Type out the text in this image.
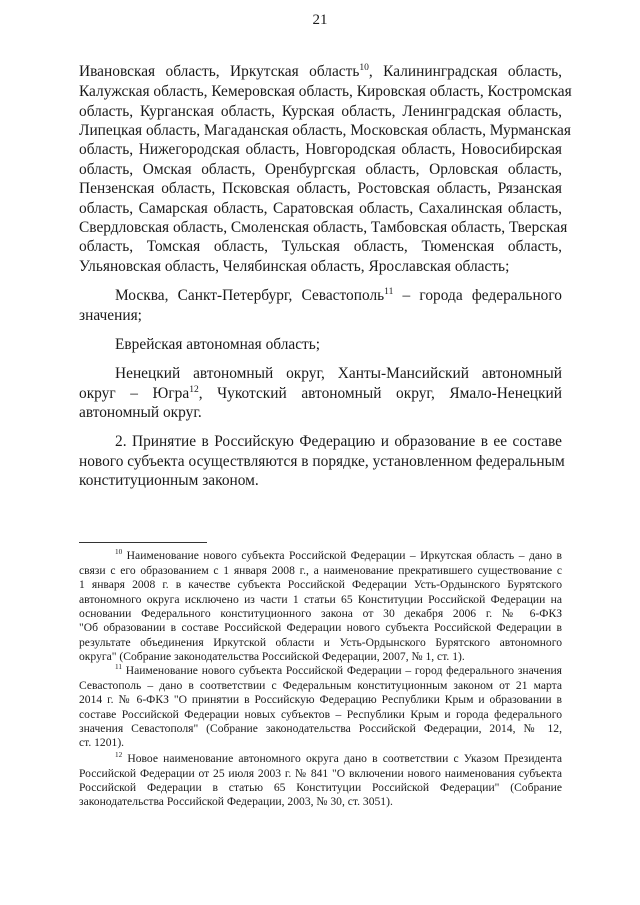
21
Ивановская область, Иркутская область$^{10}$, Калининградская область,
Калужская область, Кемеровская область, Кировская область, Костромская
область, Курганская область, Курская область, Ленинградская область,
Липецкая область, Магаданская область, Московская область, Мурманская
область, Нижегородская область, Новгородская область, Новосибирская
область, Омская область, Оренбургская область, Орловская область,
Пензенская область, Псковская область, Ростовская область, Рязанская
область, Самарская область, Саратовская область, Сахалинская область,
Свердловская область, Смоленская область, Тамбовская область, Тверская
область, Томская область, Тульская область, Тюменская область,
Ульяновская область, Челябинская область, Ярославская область;
Москва, Санкт-Петербург, Севастополь$^{11}$ – города федерального
значения;
Еврейская автономная область;
Ненецкий автономный округ, Ханты-Мансийский автономный
округ – Югра$^{12}$, Чукотский автономный округ, Ямало-Ненецкий
автономный округ.
2. Принятие в Российскую Федерацию и образование в ее составе
нового субъекта осуществляются в порядке, установленном федеральным
конституционным законом.
$^{10}$ Наименование нового субъекта Российской Федерации – Иркутская область – дано в
связи с его образованием с 1 января 2008 г., а наименование прекратившего существование с
1 января 2008 г. в качестве субъекта Российской Федерации Усть-Ордынского Бурятского
автономного округа исключено из части 1 статьи 65 Конституции Российской Федерации на
основании Федерального конституционного закона от 30 декабря 2006 г. № 6-ФКЗ
"Об образовании в составе Российской Федерации нового субъекта Российской Федерации в
результате объединения Иркутской области и Усть-Ордынского Бурятского автономного
округа" (Собрание законодательства Российской Федерации, 2007, № 1, ст. 1).
$^{11}$ Наименование нового субъекта Российской Федерации – город федерального значения
Севастополь – дано в соответствии с Федеральным конституционным законом от 21 марта
2014 г. № 6-ФКЗ "О принятии в Российскую Федерацию Республики Крым и образовании в
составе Российской Федерации новых субъектов – Республики Крым и города федерального
значения Севастополя" (Собрание законодательства Российской Федерации, 2014, № 12,
ст. 1201).
$^{12}$ Новое наименование автономного округа дано в соответствии с Указом Президента
Российской Федерации от 25 июля 2003 г. № 841 "О включении нового наименования субъекта
Российской Федерации в статью 65 Конституции Российской Федерации" (Собрание
законодательства Российской Федерации, 2003, № 30, ст. 3051).
